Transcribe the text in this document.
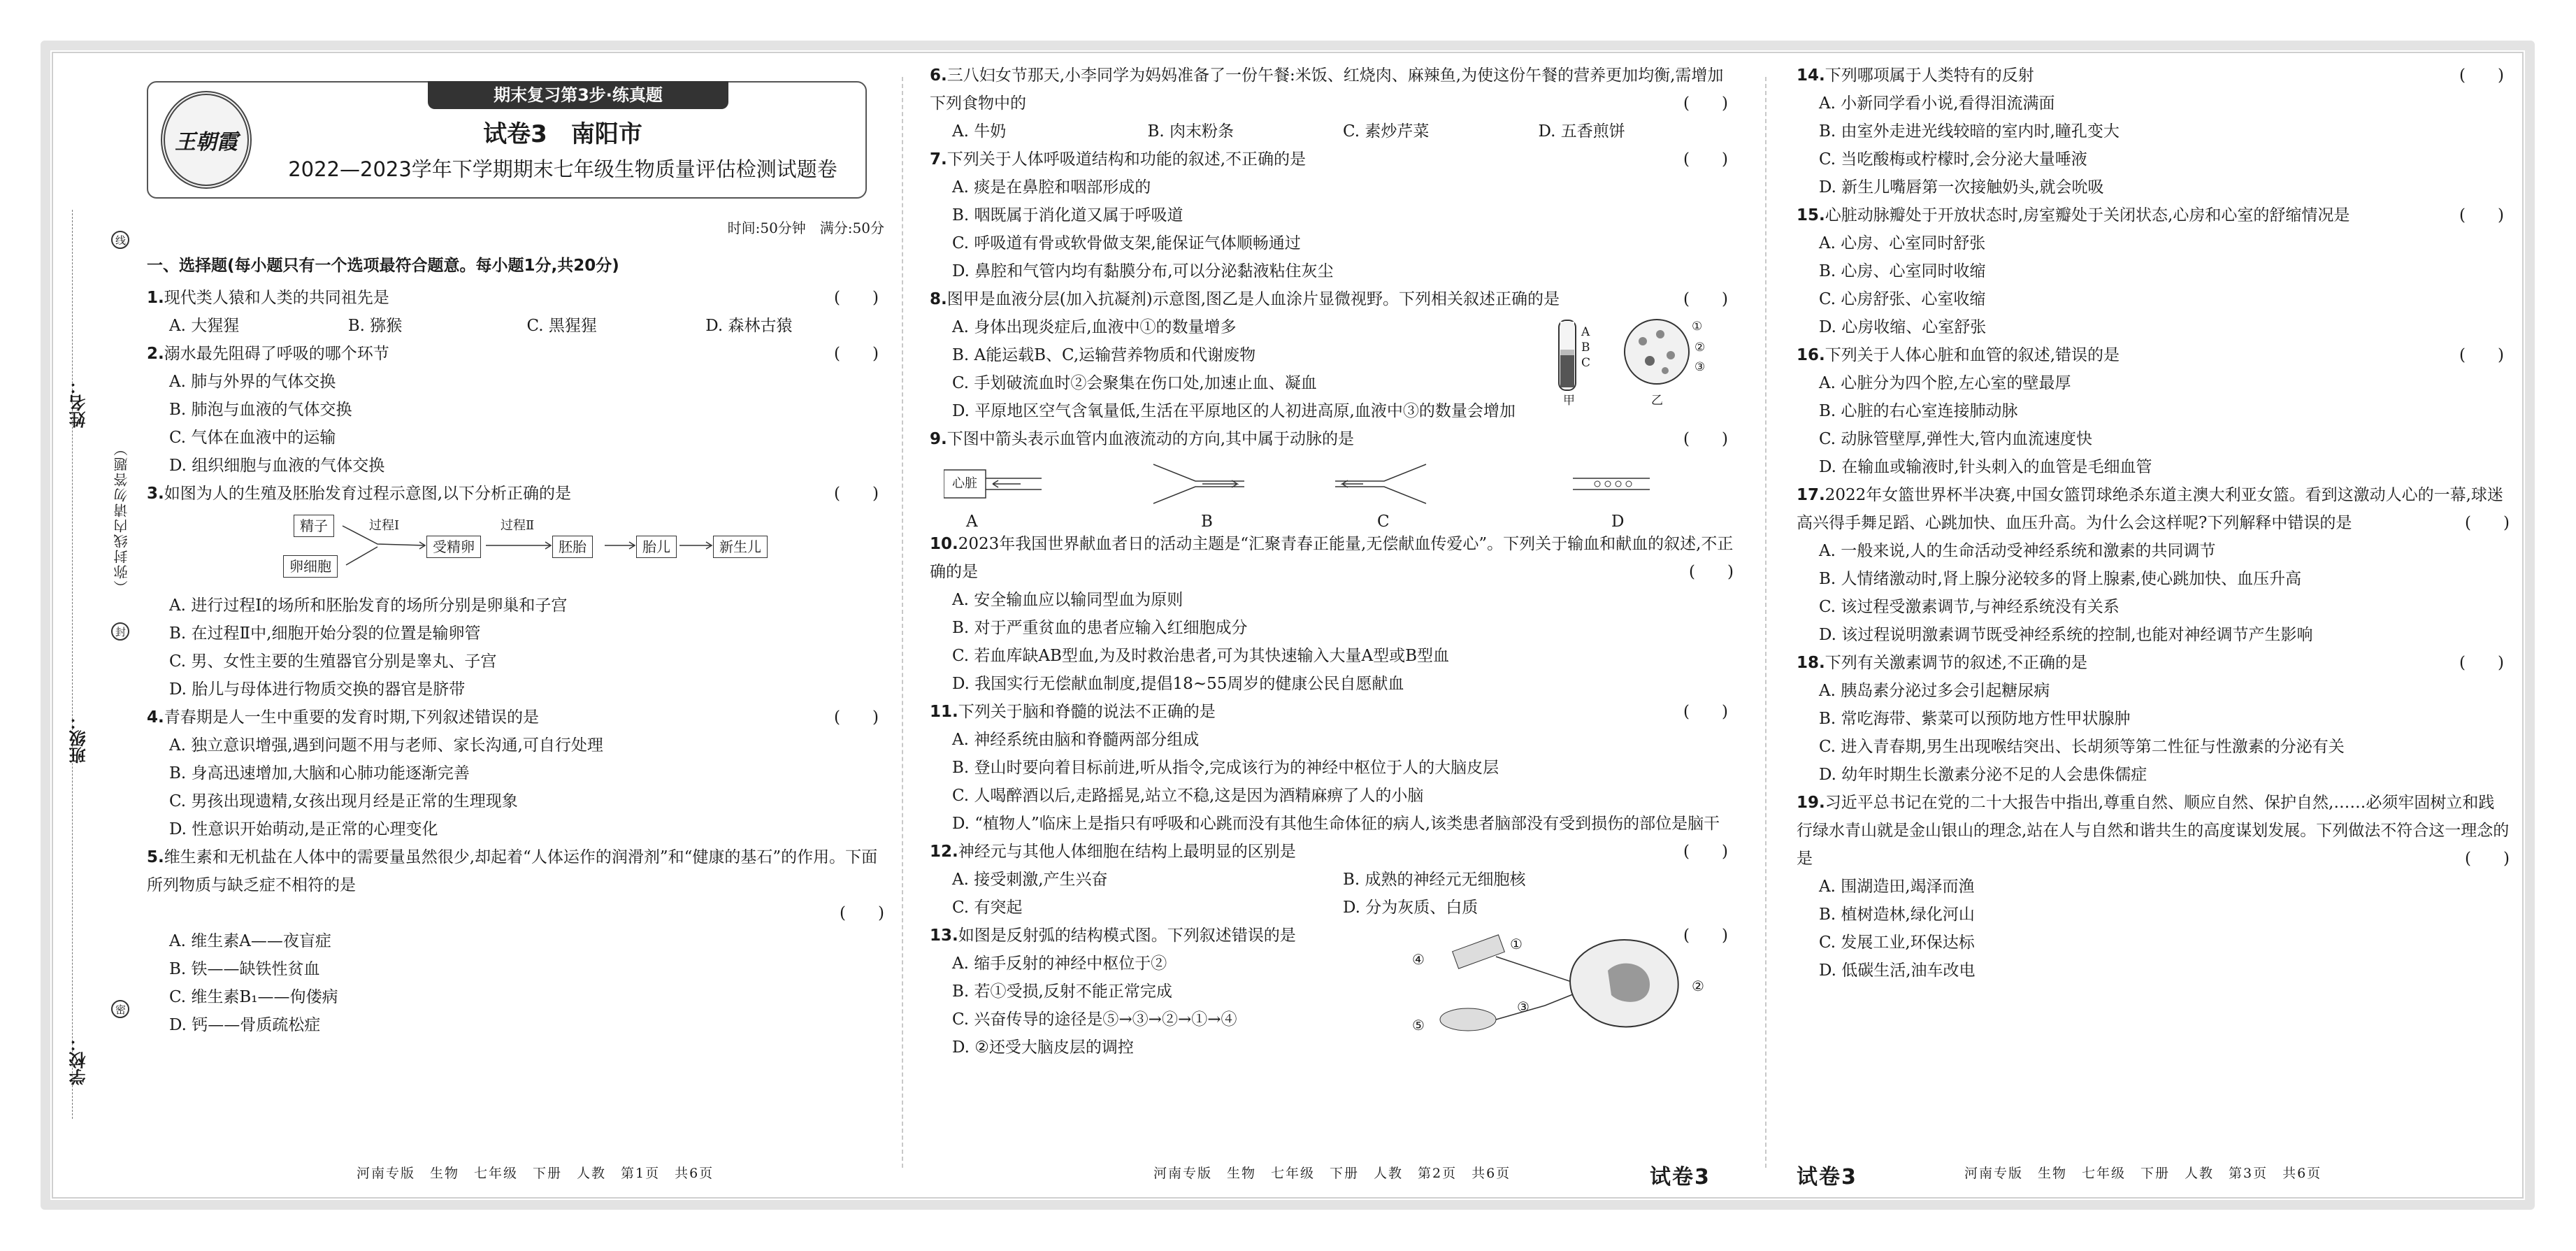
姓名：
班级：
学校：
（弥封线内请勿答题）
线
封
密
期末复习第3步·练真题
王朝霞	试卷3　南阳市
2022—2023学年下学期期末七年级生物质量评估检测试题卷
时间:50分钟　满分:50分
一、选择题(每小题只有一个选项最符合题意。每小题1分,共20分)
1.现代类人猿和人类的共同祖先是	(　　)
A. 大猩猩	B. 猕猴	C. 黑猩猩	D. 森林古猿
2.溺水最先阻碍了呼吸的哪个环节	(　　)
A. 肺与外界的气体交换
B. 肺泡与血液的气体交换
C. 气体在血液中的运输
D. 组织细胞与血液的气体交换
3.如图为人的生殖及胚胎发育过程示意图,以下分析正确的是	(　　)
精子
卵细胞
过程Ⅰ
受精卵
过程Ⅱ
胚胎	胎儿	新生儿
A. 进行过程Ⅰ的场所和胚胎发育的场所分别是卵巢和子宫
B. 在过程Ⅱ中,细胞开始分裂的位置是输卵管
C. 男、女性主要的生殖器官分别是睾丸、子宫
D. 胎儿与母体进行物质交换的器官是脐带
4.青春期是人一生中重要的发育时期,下列叙述错误的是	(　　)
A. 独立意识增强,遇到问题不用与老师、家长沟通,可自行处理
B. 身高迅速增加,大脑和心肺功能逐渐完善
C. 男孩出现遗精,女孩出现月经是正常的生理现象
D. 性意识开始萌动,是正常的心理变化
5.维生素和无机盐在人体中的需要量虽然很少,却起着“人体运作的润滑剂”和“健康的基石”的作用。下面所列物质与缺乏症不相符的是
(　　)
A. 维生素A——夜盲症
B. 铁——缺铁性贫血
C. 维生素B₁——佝偻病
D. 钙——骨质疏松症
河南专版　生物　七年级　下册　人教　第1页　共6页
6.三八妇女节那天,小李同学为妈妈准备了一份午餐:米饭、红烧肉、麻辣鱼,为使这份午餐的营养更加均衡,需增加下列食物中的	(　　)
A. 牛奶	B. 肉末粉条	C. 素炒芹菜	D. 五香煎饼
7.下列关于人体呼吸道结构和功能的叙述,不正确的是	(　　)
A. 痰是在鼻腔和咽部形成的
B. 咽既属于消化道又属于呼吸道
C. 呼吸道有骨或软骨做支架,能保证气体顺畅通过
D. 鼻腔和气管内均有黏膜分布,可以分泌黏液粘住灰尘
8.图甲是血液分层(加入抗凝剂)示意图,图乙是人血涂片显微视野。下列相关叙述正确的是	(　　)
A. 身体出现炎症后,血液中①的数量增多
B. A能运载B、C,运输营养物质和代谢废物
C. 手划破流血时②会聚集在伤口处,加速止血、凝血
D. 平原地区空气含氧量低,生活在平原地区的人初进高原,血液中③的数量会增加
A
B
C
甲	乙
①
②
③
9.下图中箭头表示血管内血液流动的方向,其中属于动脉的是	(　　)
心脏
A	B	C	D
10.2023年我国世界献血者日的活动主题是“汇聚青春正能量,无偿献血传爱心”。下列关于输血和献血的叙述,不正确的是	(　　)
A. 安全输血应以输同型血为原则
B. 对于严重贫血的患者应输入红细胞成分
C. 若血库缺AB型血,为及时救治患者,可为其快速输入大量A型或B型血
D. 我国实行无偿献血制度,提倡18~55周岁的健康公民自愿献血
11.下列关于脑和脊髓的说法不正确的是	(　　)
A. 神经系统由脑和脊髓两部分组成
B. 登山时要向着目标前进,听从指令,完成该行为的神经中枢位于人的大脑皮层
C. 人喝醉酒以后,走路摇晃,站立不稳,这是因为酒精麻痹了人的小脑
D. “植物人”临床上是指只有呼吸和心跳而没有其他生命体征的病人,该类患者脑部没有受到损伤的部位是脑干
12.神经元与其他人体细胞在结构上最明显的区别是	(　　)
A. 接受刺激,产生兴奋	B. 成熟的神经元无细胞核
C. 有突起	D. 分为灰质、白质
13.如图是反射弧的结构模式图。下列叙述错误的是	(　　)
A. 缩手反射的神经中枢位于②
B. 若①受损,反射不能正常完成
C. 兴奋传导的途径是⑤→③→②→①→④
D. ②还受大脑皮层的调控
④
①
②
③
⑤
河南专版　生物　七年级　下册　人教　第2页　共6页	试卷3
14.下列哪项属于人类特有的反射	(　　)
A. 小新同学看小说,看得泪流满面
B. 由室外走进光线较暗的室内时,瞳孔变大
C. 当吃酸梅或柠檬时,会分泌大量唾液
D. 新生儿嘴唇第一次接触奶头,就会吮吸
15.心脏动脉瓣处于开放状态时,房室瓣处于关闭状态,心房和心室的舒缩情况是	(　　)
A. 心房、心室同时舒张
B. 心房、心室同时收缩
C. 心房舒张、心室收缩
D. 心房收缩、心室舒张
16.下列关于人体心脏和血管的叙述,错误的是	(　　)
A. 心脏分为四个腔,左心室的壁最厚
B. 心脏的右心室连接肺动脉
C. 动脉管壁厚,弹性大,管内血流速度快
D. 在输血或输液时,针头刺入的血管是毛细血管
17.2022年女篮世界杯半决赛,中国女篮罚球绝杀东道主澳大利亚女篮。看到这激动人心的一幕,球迷高兴得手舞足蹈、心跳加快、血压升高。为什么会这样呢?下列解释中错误的是	(　　)
A. 一般来说,人的生命活动受神经系统和激素的共同调节
B. 人情绪激动时,肾上腺分泌较多的肾上腺素,使心跳加快、血压升高
C. 该过程受激素调节,与神经系统没有关系
D. 该过程说明激素调节既受神经系统的控制,也能对神经调节产生影响
18.下列有关激素调节的叙述,不正确的是	(　　)
A. 胰岛素分泌过多会引起糖尿病
B. 常吃海带、紫菜可以预防地方性甲状腺肿
C. 进入青春期,男生出现喉结突出、长胡须等第二性征与性激素的分泌有关
D. 幼年时期生长激素分泌不足的人会患侏儒症
19.习近平总书记在党的二十大报告中指出,尊重自然、顺应自然、保护自然,……必须牢固树立和践行绿水青山就是金山银山的理念,站在人与自然和谐共生的高度谋划发展。下列做法不符合这一理念的是	(　　)
A. 围湖造田,竭泽而渔
B. 植树造林,绿化河山
C. 发展工业,环保达标
D. 低碳生活,油车改电
试卷3	河南专版　生物　七年级　下册　人教　第3页　共6页
